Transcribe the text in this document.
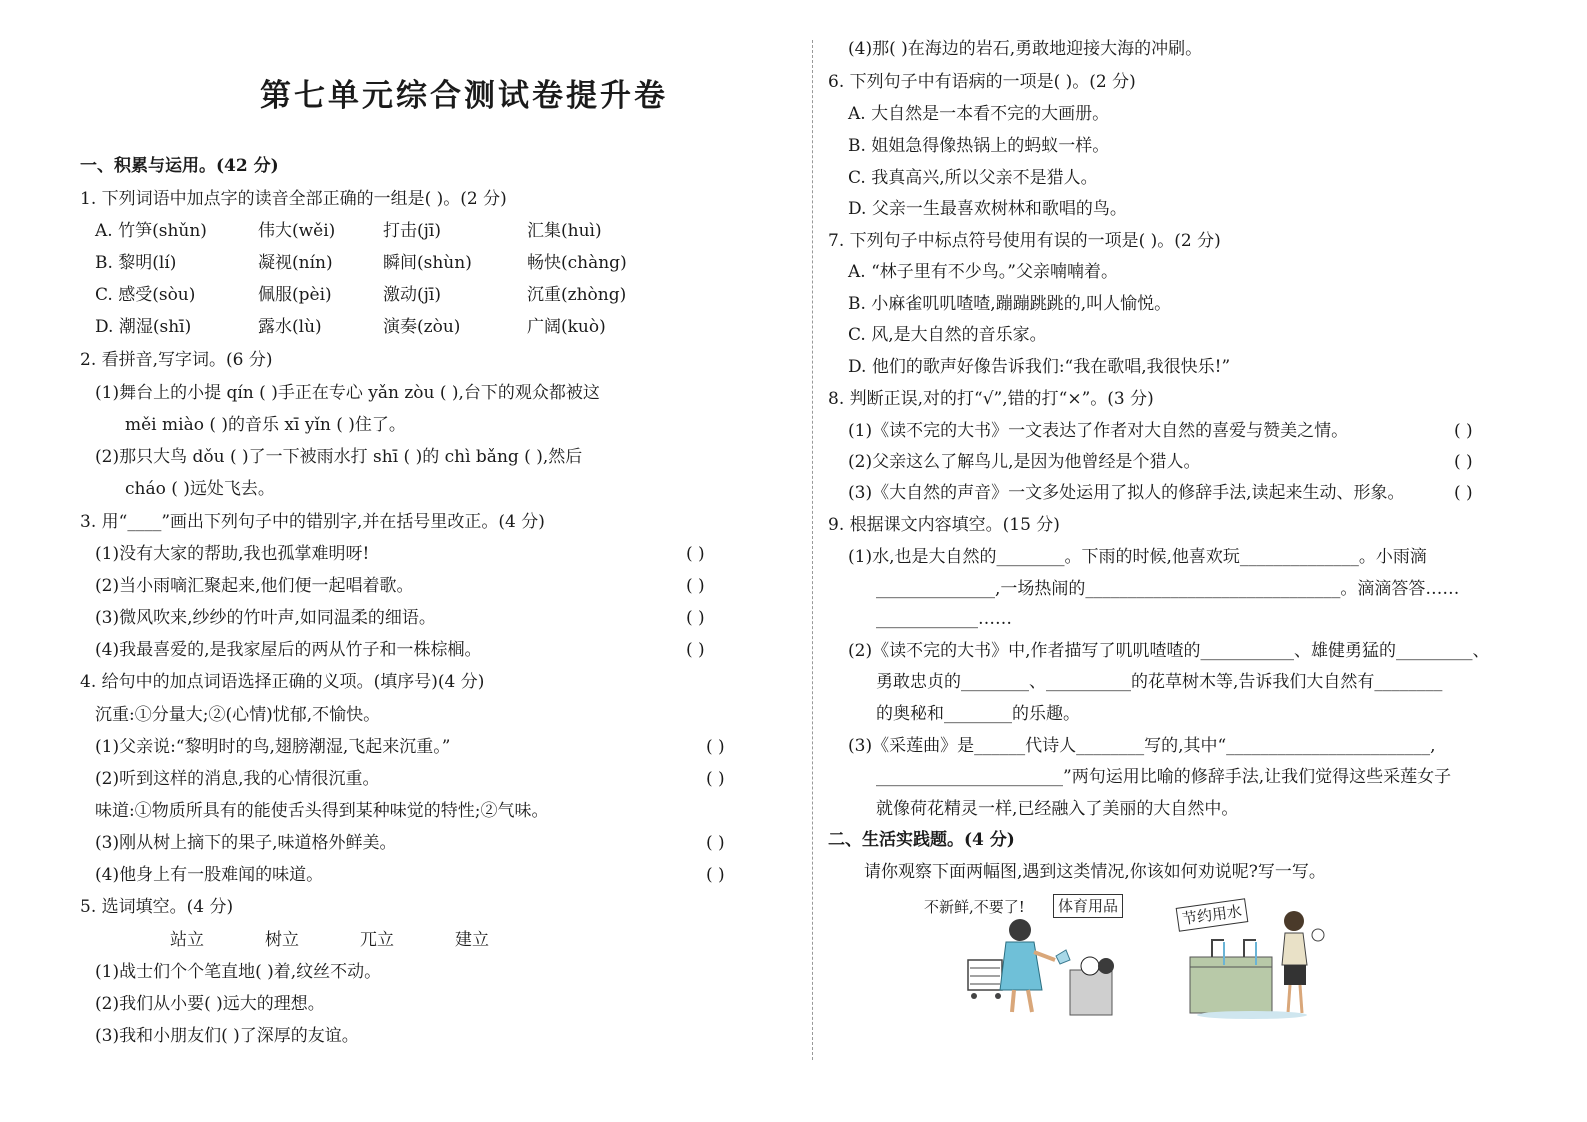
第七单元综合测试卷提升卷
一、积累与运用。(42 分)
1. 下列词语中加点字的读音全部正确的一组是( )。(2 分)
A. 竹笋(shǔn)	伟大(wěi)	打击(jī)	汇集(huì)
B. 黎明(lí)	凝视(nín)	瞬间(shùn)	畅快(chàng)
C. 感受(sòu)	佩服(pèi)	激动(jī)	沉重(zhòng)
D. 潮湿(shī)	露水(lù)	演奏(zòu)	广阔(kuò)
2. 看拼音,写字词。(6 分)
(1)舞台上的小提 qín ( )手正在专心 yǎn zòu ( ),台下的观众都被这
měi miào ( )的音乐 xī yǐn ( )住了。
(2)那只大鸟 dǒu ( )了一下被雨水打 shī ( )的 chì bǎng ( ),然后
cháo ( )远处飞去。
3. 用“____”画出下列句子中的错别字,并在括号里改正。(4 分)
(1)没有大家的帮助,我也孤掌难明呀!	( )
(2)当小雨嘀汇聚起来,他们便一起唱着歌。	( )
(3)微风吹来,纱纱的竹叶声,如同温柔的细语。	( )
(4)我最喜爱的,是我家屋后的两从竹子和一株棕榈。	( )
4. 给句中的加点词语选择正确的义项。(填序号)(4 分)
沉重:①分量大;②(心情)忧郁,不愉快。
(1)父亲说:“黎明时的鸟,翅膀潮湿,飞起来沉重。”	( )
(2)听到这样的消息,我的心情很沉重。	( )
味道:①物质所具有的能使舌头得到某种味觉的特性;②气味。
(3)刚从树上摘下的果子,味道格外鲜美。	( )
(4)他身上有一股难闻的味道。	( )
5. 选词填空。(4 分)
站立	树立	兀立	建立
(1)战士们个个笔直地( )着,纹丝不动。
(2)我们从小要( )远大的理想。
(3)我和小朋友们( )了深厚的友谊。
(4)那( )在海边的岩石,勇敢地迎接大海的冲刷。
6. 下列句子中有语病的一项是( )。(2 分)
A. 大自然是一本看不完的大画册。
B. 姐姐急得像热锅上的蚂蚁一样。
C. 我真高兴,所以父亲不是猎人。
D. 父亲一生最喜欢树林和歌唱的鸟。
7. 下列句子中标点符号使用有误的一项是( )。(2 分)
A. “林子里有不少鸟。”父亲喃喃着。
B. 小麻雀叽叽喳喳,蹦蹦跳跳的,叫人愉悦。
C. 风,是大自然的音乐家。
D. 他们的歌声好像告诉我们:“我在歌唱,我很快乐!”
8. 判断正误,对的打“√”,错的打“×”。(3 分)
(1)《读不完的大书》一文表达了作者对大自然的喜爱与赞美之情。	( )
(2)父亲这么了解鸟儿,是因为他曾经是个猎人。	( )
(3)《大自然的声音》一文多处运用了拟人的修辞手法,读起来生动、形象。	( )
9. 根据课文内容填空。(15 分)
(1)水,也是大自然的________。下雨的时候,他喜欢玩______________。小雨滴
______________,一场热闹的______________________________。滴滴答答……
____________……
(2)《读不完的大书》中,作者描写了叽叽喳喳的___________、雄健勇猛的_________、
勇敢忠贞的________、__________的花草树木等,告诉我们大自然有________
的奥秘和________的乐趣。
(3)《采莲曲》是______代诗人________写的,其中“________________________,
______________________”两句运用比喻的修辞手法,让我们觉得这些采莲女子
就像荷花精灵一样,已经融入了美丽的大自然中。
二、生活实践题。(4 分)
请你观察下面两幅图,遇到这类情况,你该如何劝说呢?写一写。
不新鲜,不要了!	体育用品	节约用水
